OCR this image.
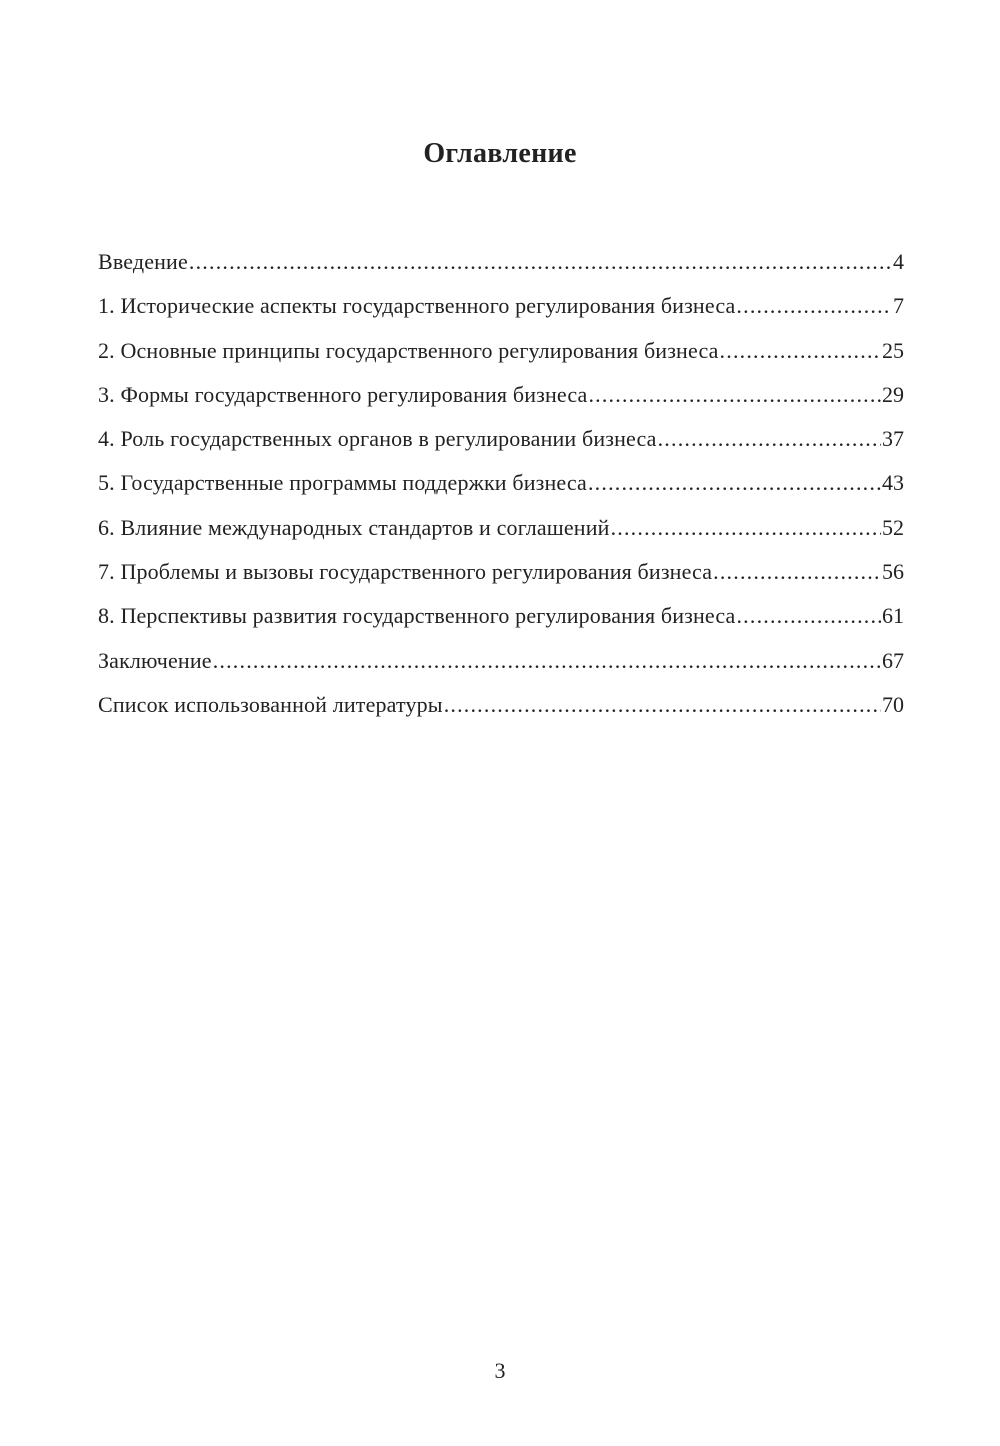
Оглавление
Введение .....	4
1. Исторические аспекты государственного регулирования бизнеса .....	7
2. Основные принципы государственного регулирования бизнеса .....	25
3. Формы государственного регулирования бизнеса .....	29
4. Роль государственных органов в регулировании бизнеса .....	37
5. Государственные программы поддержки бизнеса .....	43
6. Влияние международных стандартов и соглашений .....	52
7. Проблемы и вызовы государственного регулирования бизнеса .....	56
8. Перспективы развития государственного регулирования бизнеса .....	61
Заключение .....	67
Список использованной литературы .....	70
3
